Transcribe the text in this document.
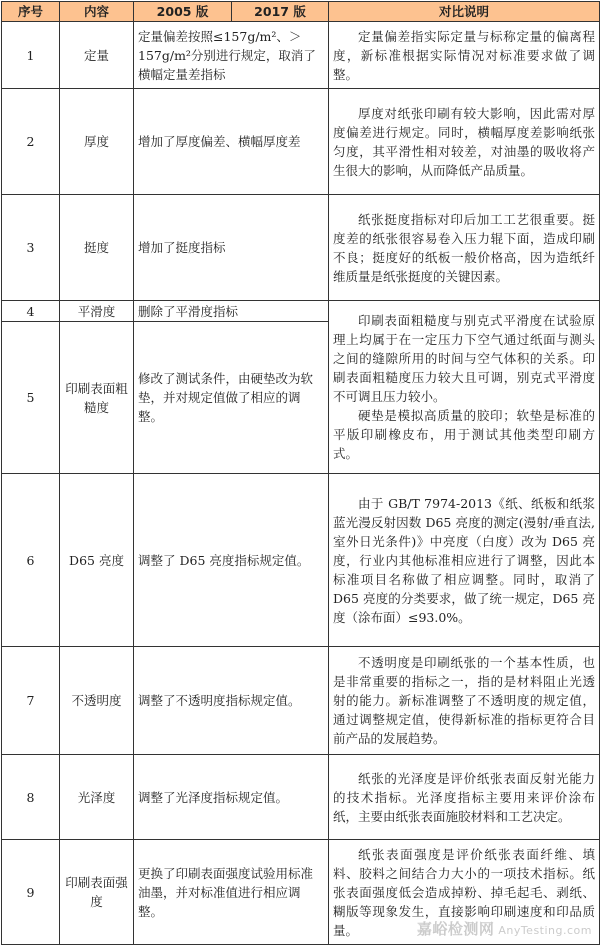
序号	内容	2005 版	2017 版	对比说明
1	定量	定量偏差按照≤157g/m²、＞157g/m²分别进行规定，取消了横幅定量差指标		定量偏差指实际定量与标称定量的偏离程度，新标准根据实际情况对标准要求做了调整。

2	厚度	增加了厚度偏差、横幅厚度差		厚度对纸张印刷有较大影响，因此需对厚度偏差进行规定。同时，横幅厚度差影响纸张匀度，其平滑性相对较差，对油墨的吸收将产生很大的影响，从而降低产品质量。

3	挺度	增加了挺度指标		纸张挺度指标对印后加工工艺很重要。挺度差的纸张很容易卷入压力辊下面，造成印刷不良；挺度好的纸板一般价格高，因为造纸纤维质量是纸张挺度的关键因素。

4	平滑度	删除了平滑度指标		印刷表面粗糙度与别克式平滑度在试验原理上均属于在一定压力下空气通过纸面与测头之间的缝隙所用的时间与空气体积的关系。印刷表面粗糙度压力较大且可调，别克式平滑度不可调且压力较小。

硬垫是模拟高质量的胶印；软垫是标准的平版印刷橡皮布，用于测试其他类型印刷方式。

5	印刷表面粗糙度	修改了测试条件，由硬垫改为软垫，并对规定值做了相应的调整。		
6	D65 亮度	调整了 D65 亮度指标规定值。		由于 GB/T 7974-2013《纸、纸板和纸浆 蓝光漫反射因数 D65 亮度的测定(漫射/垂直法,室外日光条件)》中亮度（白度）改为 D65 亮度，行业内其他标准相应进行了调整，因此本标准项目名称做了相应调整。同时，取消了 D65 亮度的分类要求，做了统一规定，D65 亮度（涂布面）≤93.0%。

7	不透明度	调整了不透明度指标规定值。		不透明度是印刷纸张的一个基本性质，也是非常重要的指标之一，指的是材料阻止光透射的能力。新标准调整了不透明度的规定值，通过调整规定值，使得新标准的指标更符合目前产品的发展趋势。

8	光泽度	调整了光泽度指标规定值。		纸张的光泽度是评价纸张表面反射光能力的技术指标。光泽度指标主要用来评价涂布纸，主要由纸张表面施胶材料和工艺决定。

9	印刷表面强度	更换了印刷表面强度试验用标准油墨，并对标准值进行相应调整。		纸张表面强度是评价纸张表面纤维、填料、胶料之间结合力大小的一项技术指标。纸张表面强度低会造成掉粉、掉毛起毛、剥纸、糊版等现象发生，直接影响印刷速度和印品质量。	嘉峪检测网 AnyTesting.com
